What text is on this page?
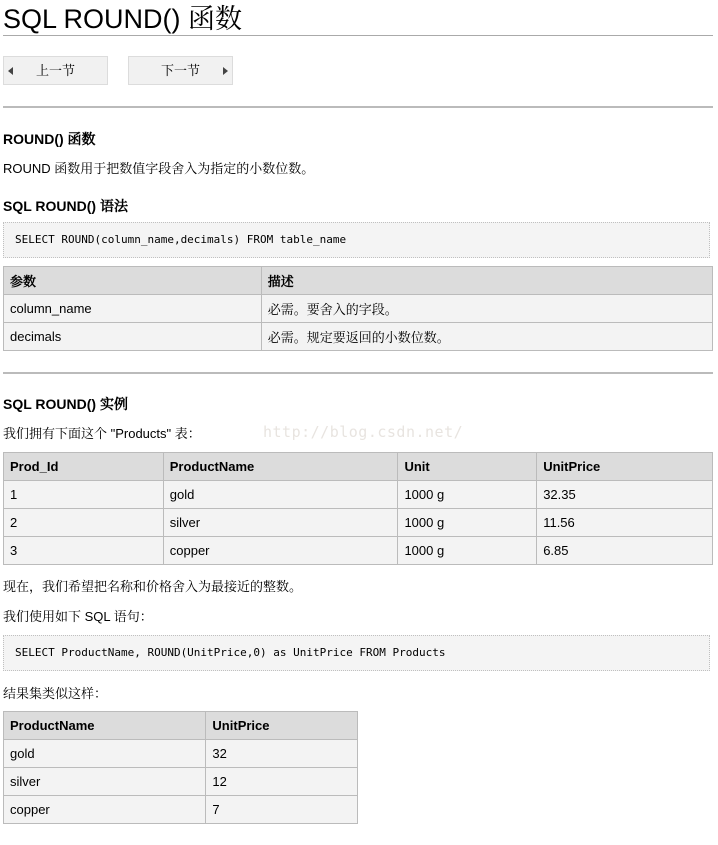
SQL ROUND() 函数
上一节	下一节
ROUND() 函数

ROUND 函数用于把数值字段舍入为指定的小数位数。

SQL ROUND() 语法
SELECT ROUND(column_name,decimals) FROM table_name
参数	描述
column_name	必需。要舍入的字段。
decimals	必需。规定要返回的小数位数。
SQL ROUND() 实例

我们拥有下面这个 "Products" 表：

Prod_Id	ProductName	Unit	UnitPrice
1	gold	1000 g	32.35
2	silver	1000 g	11.56
3	copper	1000 g	6.85

现在，我们希望把名称和价格舍入为最接近的整数。

我们使用如下 SQL 语句：

SELECT ProductName, ROUND(UnitPrice,0) as UnitPrice FROM Products

结果集类似这样：

ProductName	UnitPrice
gold	32
silver	12
copper	7
http://blog.csdn.net/
